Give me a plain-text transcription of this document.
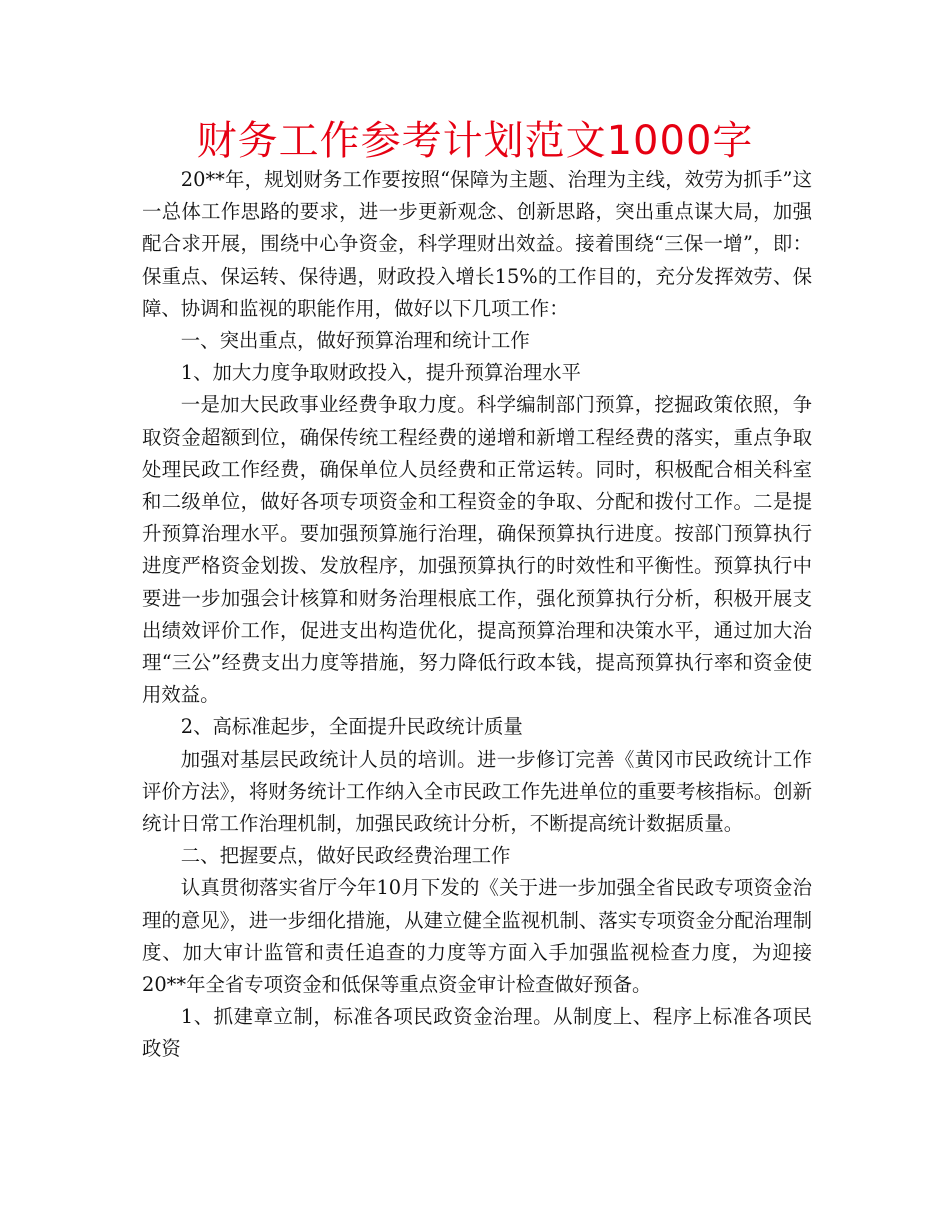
财务工作参考计划范文1000字

20**年，规划财务工作要按照“保障为主题、治理为主线，效劳为抓手”这一总体工作思路的要求，进一步更新观念、创新思路，突出重点谋大局，加强配合求开展，围绕中心争资金，科学理财出效益。接着围绕“三保一增”，即：保重点、保运转、保待遇，财政投入增长15%的工作目的，充分发挥效劳、保障、协调和监视的职能作用，做好以下几项工作：

一、突出重点，做好预算治理和统计工作

1、加大力度争取财政投入，提升预算治理水平

一是加大民政事业经费争取力度。科学编制部门预算，挖掘政策依照，争取资金超额到位，确保传统工程经费的递增和新增工程经费的落实，重点争取处理民政工作经费，确保单位人员经费和正常运转。同时，积极配合相关科室和二级单位，做好各项专项资金和工程资金的争取、分配和拨付工作。二是提升预算治理水平。要加强预算施行治理，确保预算执行进度。按部门预算执行进度严格资金划拨、发放程序，加强预算执行的时效性和平衡性。预算执行中要进一步加强会计核算和财务治理根底工作，强化预算执行分析，积极开展支出绩效评价工作，促进支出构造优化，提高预算治理和决策水平，通过加大治理“三公”经费支出力度等措施，努力降低行政本钱，提高预算执行率和资金使用效益。

2、高标准起步，全面提升民政统计质量

加强对基层民政统计人员的培训。进一步修订完善《黄冈市民政统计工作评价方法》，将财务统计工作纳入全市民政工作先进单位的重要考核指标。创新统计日常工作治理机制，加强民政统计分析，不断提高统计数据质量。

二、把握要点，做好民政经费治理工作

认真贯彻落实省厅今年10月下发的《关于进一步加强全省民政专项资金治理的意见》，进一步细化措施，从建立健全监视机制、落实专项资金分配治理制度、加大审计监管和责任追查的力度等方面入手加强监视检查力度，为迎接20**年全省专项资金和低保等重点资金审计检查做好预备。

1、抓建章立制，标准各项民政资金治理。从制度上、程序上标准各项民政资
